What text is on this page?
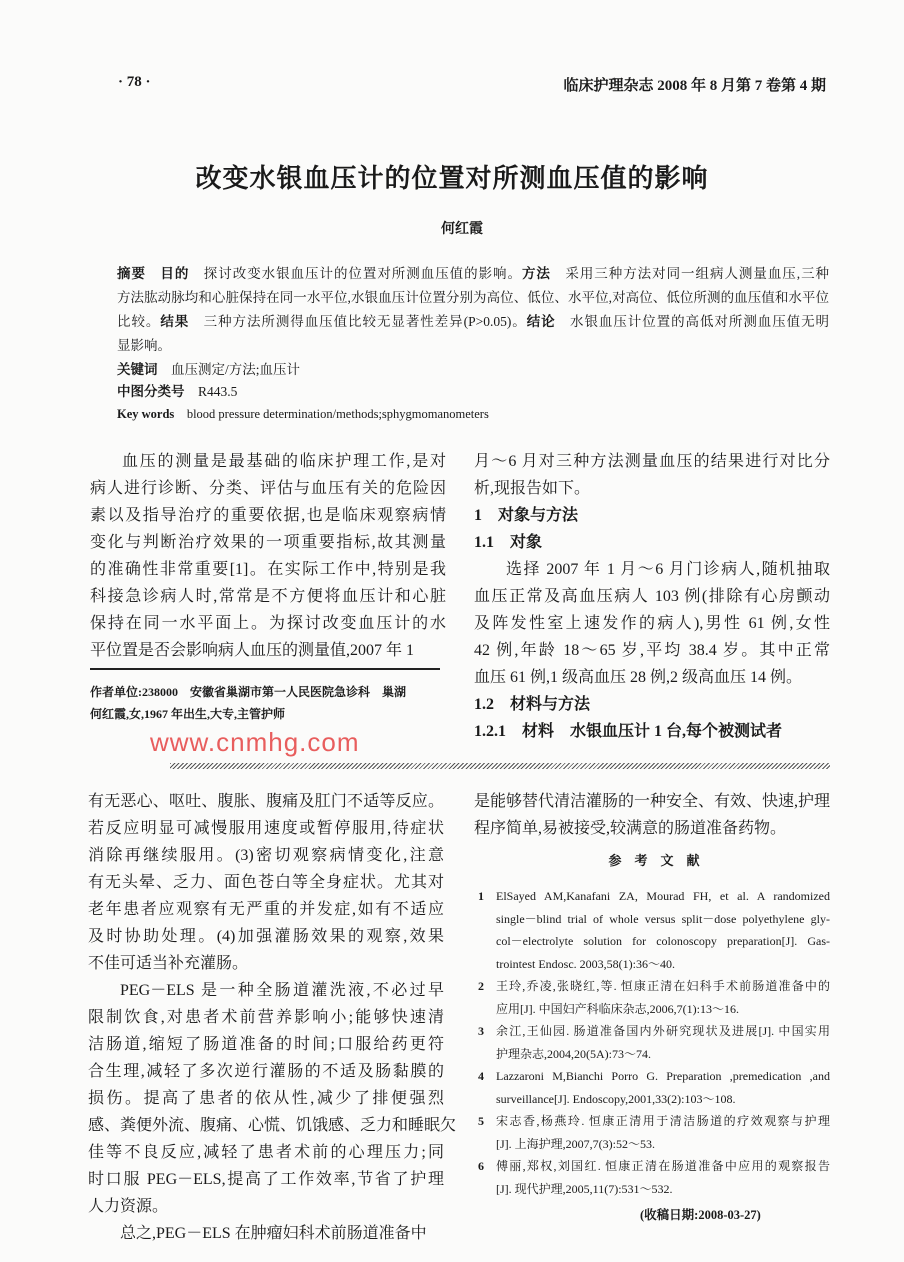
· 78 ·	临床护理杂志 2008 年 8 月第 7 卷第 4 期
改变水银血压计的位置对所测血压值的影响
何红霞
摘要　 目的　探讨改变水银血压计的位置对所测血压值的影响。方法　采用三种方法对同一组病人测量血压,三种
方法肱动脉均和心脏保持在同一水平位,水银血压计位置分别为高位、低位、水平位,对高位、低位所测的血压值和水平位
比较。结果　三种方法所测得血压值比较无显著性差异(P>0.05)。结论　水银血压计位置的高低对所测血压值无明
显影响。
关键词　 血压测定/方法;血压计
中图分类号　 R443.5
Key words　 blood pressure determination/methods;sphygmomanometers
血压的测量是最基础的临床护理工作,是对
病人进行诊断、分类、评估与血压有关的危险因
素以及指导治疗的重要依据,也是临床观察病情
变化与判断治疗效果的一项重要指标,故其测量
的准确性非常重要[1]。在实际工作中,特别是我
科接急诊病人时,常常是不方便将血压计和心脏
保持在同一水平面上。为探讨改变血压计的水
平位置是否会影响病人血压的测量值,2007 年 1
月～6 月对三种方法测量血压的结果进行对比分
析,现报告如下。
1　对象与方法
1.1　对象
选择 2007 年 1 月～6 月门诊病人,随机抽取
血压正常及高血压病人 103 例(排除有心房颤动
及阵发性室上速发作的病人),男性 61 例,女性
42 例,年龄 18～65 岁,平均 38.4 岁。其中正常
血压 61 例,1 级高血压 28 例,2 级高血压 14 例。
1.2　材料与方法
1.2.1　材料　水银血压计 1 台,每个被测试者
作者单位:238000　安徽省巢湖市第一人民医院急诊科　巢湖
何红霞,女,1967 年出生,大专,主管护师
www.cnmhg.com
有无恶心、呕吐、腹胀、腹痛及肛门不适等反应。
若反应明显可减慢服用速度或暂停服用,待症状
消除再继续服用。(3)密切观察病情变化,注意
有无头晕、乏力、面色苍白等全身症状。尤其对
老年患者应观察有无严重的并发症,如有不适应
及时协助处理。(4)加强灌肠效果的观察,效果
不佳可适当补充灌肠。
PEG－ELS 是一种全肠道灌洗液,不必过早
限制饮食,对患者术前营养影响小;能够快速清
洁肠道,缩短了肠道准备的时间;口服给药更符
合生理,减轻了多次逆行灌肠的不适及肠黏膜的
损伤。提高了患者的依从性,减少了排便强烈
感、粪便外流、腹痛、心慌、饥饿感、乏力和睡眠欠
佳等不良反应,减轻了患者术前的心理压力;同
时口服 PEG－ELS,提高了工作效率,节省了护理
人力资源。
总之,PEG－ELS 在肿瘤妇科术前肠道准备中
是能够替代清洁灌肠的一种安全、有效、快速,护理
程序简单,易被接受,较满意的肠道准备药物。
参　考　文　献
1	ElSayed AM,Kanafani ZA, Mourad FH, et al. A randomized
single－blind trial of whole versus split－dose polyethylene gly-
col－electrolyte solution for colonoscopy preparation[J]. Gas-
trointest Endosc. 2003,58(1):36～40.
2	王玲,乔凌,张晓红,等. 恒康正清在妇科手术前肠道准备中的
应用[J]. 中国妇产科临床杂志,2006,7(1):13～16.
3	余江,王仙园. 肠道准备国内外研究现状及进展[J]. 中国实用
护理杂志,2004,20(5A):73～74.
4	Lazzaroni M,Bianchi Porro G. Preparation ,premedication ,and
surveillance[J]. Endoscopy,2001,33(2):103～108.
5	宋志香,杨燕玲. 恒康正清用于清洁肠道的疗效观察与护理
[J]. 上海护理,2007,7(3):52～53.
6	傅丽,郑权,刘国红. 恒康正清在肠道准备中应用的观察报告
[J]. 现代护理,2005,11(7):531～532.
(收稿日期:2008-03-27)
